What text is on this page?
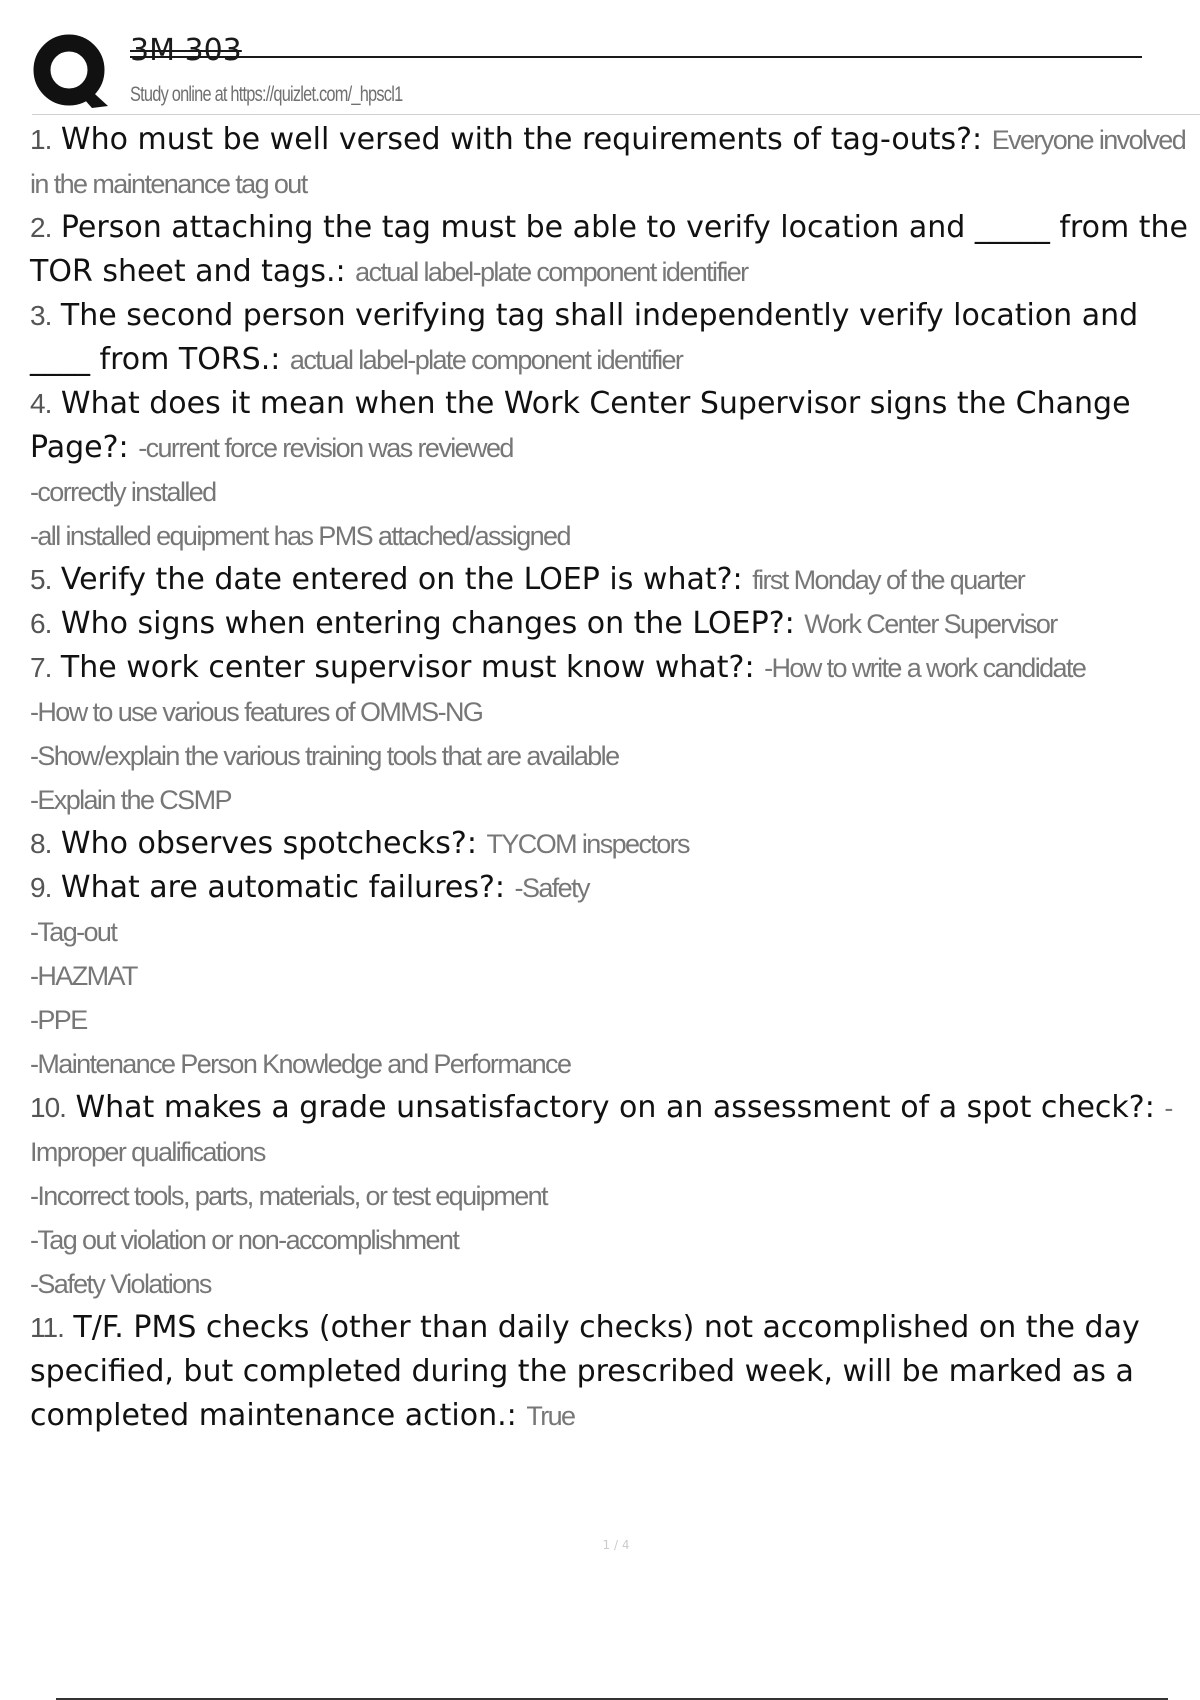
3M 303
Study online at https://quizlet.com/_hpscl1

1. Who must be well versed with the requirements of tag-outs?: Everyone involved in the maintenance tag out

2. Person attaching the tag must be able to verify location and _____ from the TOR sheet and tags.: actual label-plate component identifier

3. The second person verifying tag shall independently verify location and ____ from TORS.: actual label-plate component identifier

4. What does it mean when the Work Center Supervisor signs the Change Page?: -current force revision was reviewed

-correctly installed

-all installed equipment has PMS attached/assigned

5. Verify the date entered on the LOEP is what?: first Monday of the quarter

6. Who signs when entering changes on the LOEP?: Work Center Supervisor

7. The work center supervisor must know what?: -How to write a work candidate

-How to use various features of OMMS-NG

-Show/explain the various training tools that are available

-Explain the CSMP

8. Who observes spotchecks?: TYCOM inspectors

9. What are automatic failures?: -Safety

-Tag-out

-HAZMAT

-PPE

-Maintenance Person Knowledge and Performance

10. What makes a grade unsatisfactory on an assessment of a spot check?: -Improper qualifications

-Incorrect tools, parts, materials, or test equipment

-Tag out violation or non-accomplishment

-Safety Violations

11. T/F. PMS checks (other than daily checks) not accomplished on the day specified, but completed during the prescribed week, will be marked as a completed maintenance action.: True

1 / 4
